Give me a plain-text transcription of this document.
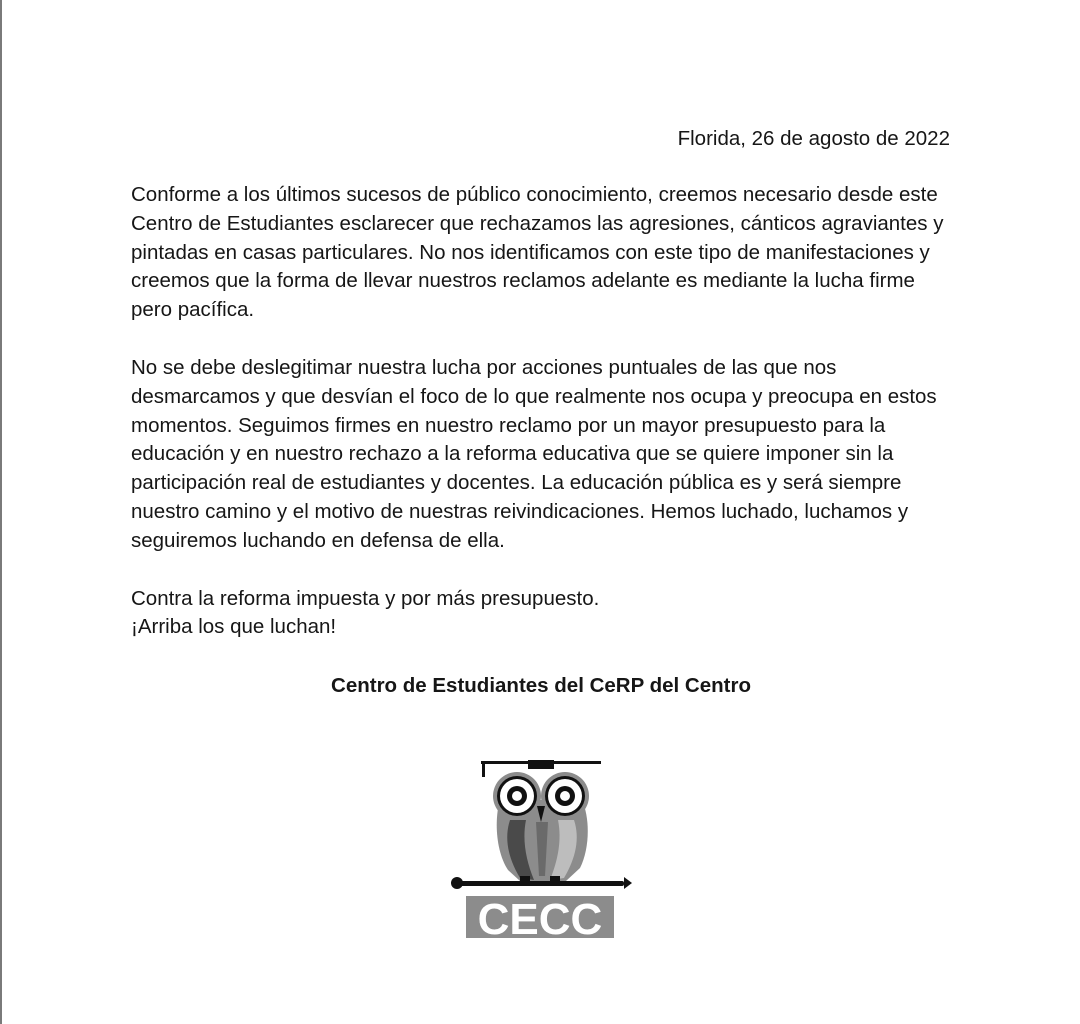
Florida, 26 de agosto de 2022

Conforme a los últimos sucesos de público conocimiento, creemos necesario desde este Centro de Estudiantes esclarecer que rechazamos las agresiones, cánticos agraviantes y pintadas en casas particulares. No nos identificamos con este tipo de manifestaciones y creemos que la forma de llevar nuestros reclamos adelante es mediante la lucha firme pero pacífica.

No se debe deslegitimar nuestra lucha por acciones puntuales de las que nos desmarcamos y que desvían el foco de lo que realmente nos ocupa y preocupa en estos momentos. Seguimos firmes en nuestro reclamo por un mayor presupuesto para la educación y en nuestro rechazo a la reforma educativa que se quiere imponer sin la participación real de estudiantes y docentes. La educación pública es y será siempre nuestro camino y el motivo de nuestras reivindicaciones. Hemos luchado, luchamos y seguiremos luchando en defensa de ella.

Contra la reforma impuesta y por más presupuesto.
¡Arriba los que luchan!
Centro de Estudiantes del CeRP del Centro
CECC
